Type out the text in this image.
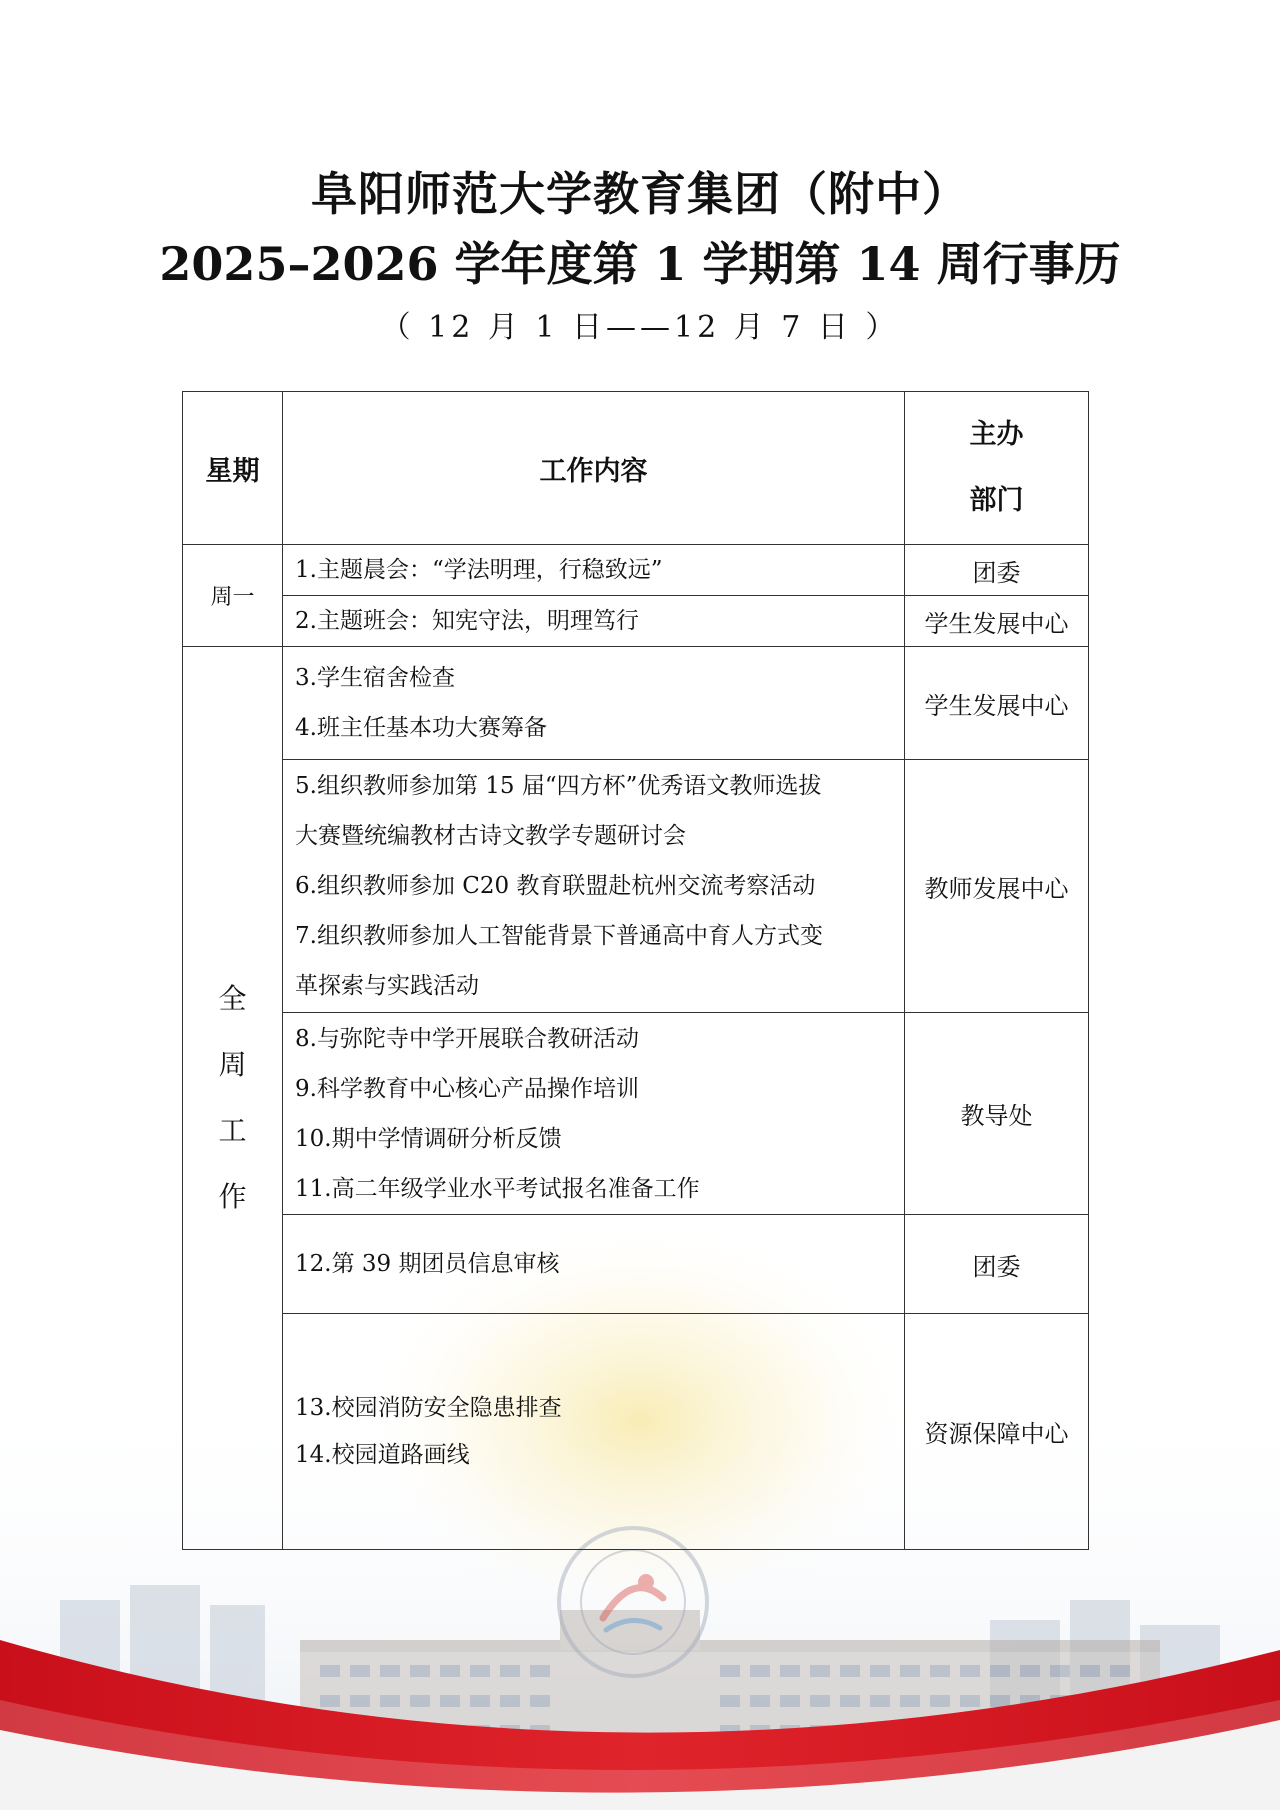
阜阳师范大学教育集团（附中）
2025–2026 学年度第 1 学期第 14 周行事历
（ 12 月 1 日——12 月 7 日 ）
星期	工作内容	主办
部门

周一	1.主题晨会：“学法明理，行稳致远”	团委

	2.主题班会：知宪守法，明理笃行	学生发展中心

全
周
工
作	3.学生宿舍检查
4.班主任基本功大赛筹备	学生发展中心

	5.组织教师参加第 15 届“四方杯”优秀语文教师选拔
大赛暨统编教材古诗文教学专题研讨会
6.组织教师参加 C20 教育联盟赴杭州交流考察活动
7.组织教师参加人工智能背景下普通高中育人方式变
革探索与实践活动	教师发展中心

	8.与弥陀寺中学开展联合教研活动
9.科学教育中心核心产品操作培训
10.期中学情调研分析反馈
11.高二年级学业水平考试报名准备工作	教导处

	12.第 39 期团员信息审核	团委

	13.校园消防安全隐患排查
14.校园道路画线	资源保障中心
